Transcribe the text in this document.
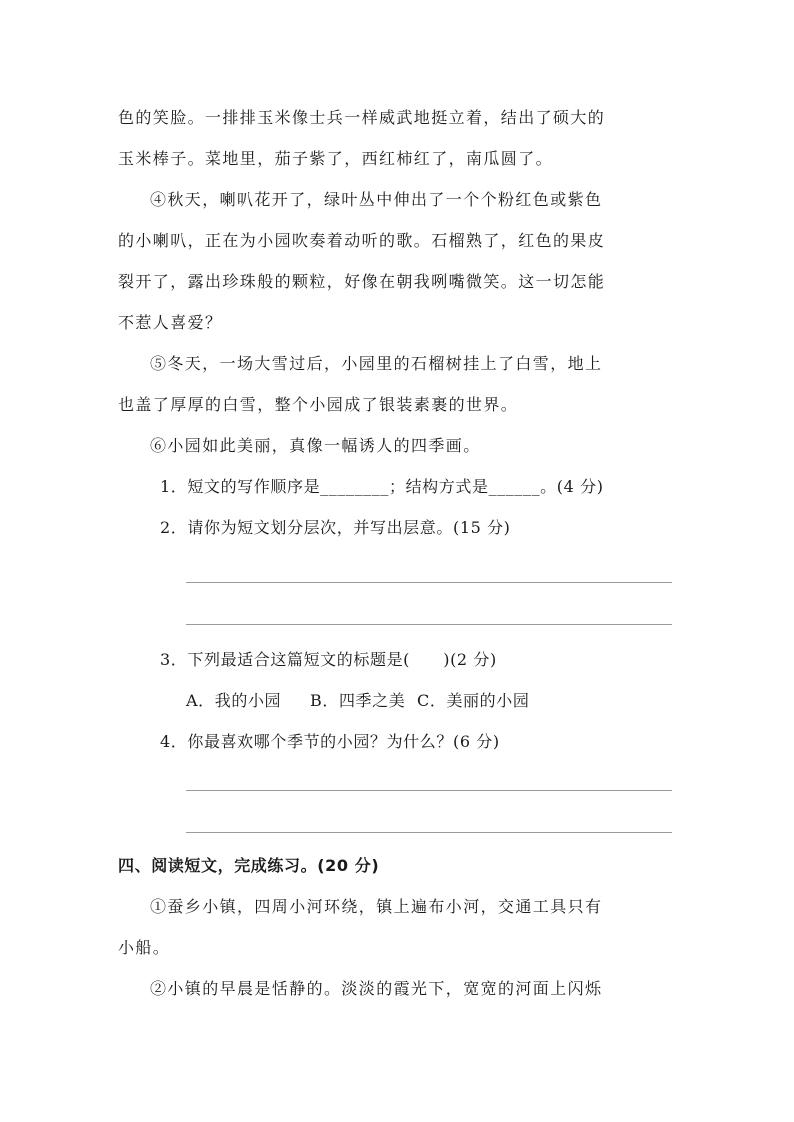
色的笑脸。一排排玉米像士兵一样威武地挺立着，结出了硕大的
玉米棒子。菜地里，茄子紫了，西红柿红了，南瓜圆了。
④秋天，喇叭花开了，绿叶丛中伸出了一个个粉红色或紫色
的小喇叭，正在为小园吹奏着动听的歌。石榴熟了，红色的果皮
裂开了，露出珍珠般的颗粒，好像在朝我咧嘴微笑。这一切怎能
不惹人喜爱？
⑤冬天，一场大雪过后，小园里的石榴树挂上了白雪，地上
也盖了厚厚的白雪，整个小园成了银装素裹的世界。
⑥小园如此美丽，真像一幅诱人的四季画。
1．短文的写作顺序是________；结构方式是______。(4 分)
2．请你为短文划分层次，并写出层意。(15 分)
3．下列最适合这篇短文的标题是(　　)(2 分)
A．我的小园 B．四季之美 C．美丽的小园
4．你最喜欢哪个季节的小园？为什么？(6 分)
四、阅读短文，完成练习。(20 分)
①蚕乡小镇，四周小河环绕，镇上遍布小河，交通工具只有
小船。
②小镇的早晨是恬静的。淡淡的霞光下，宽宽的河面上闪烁
